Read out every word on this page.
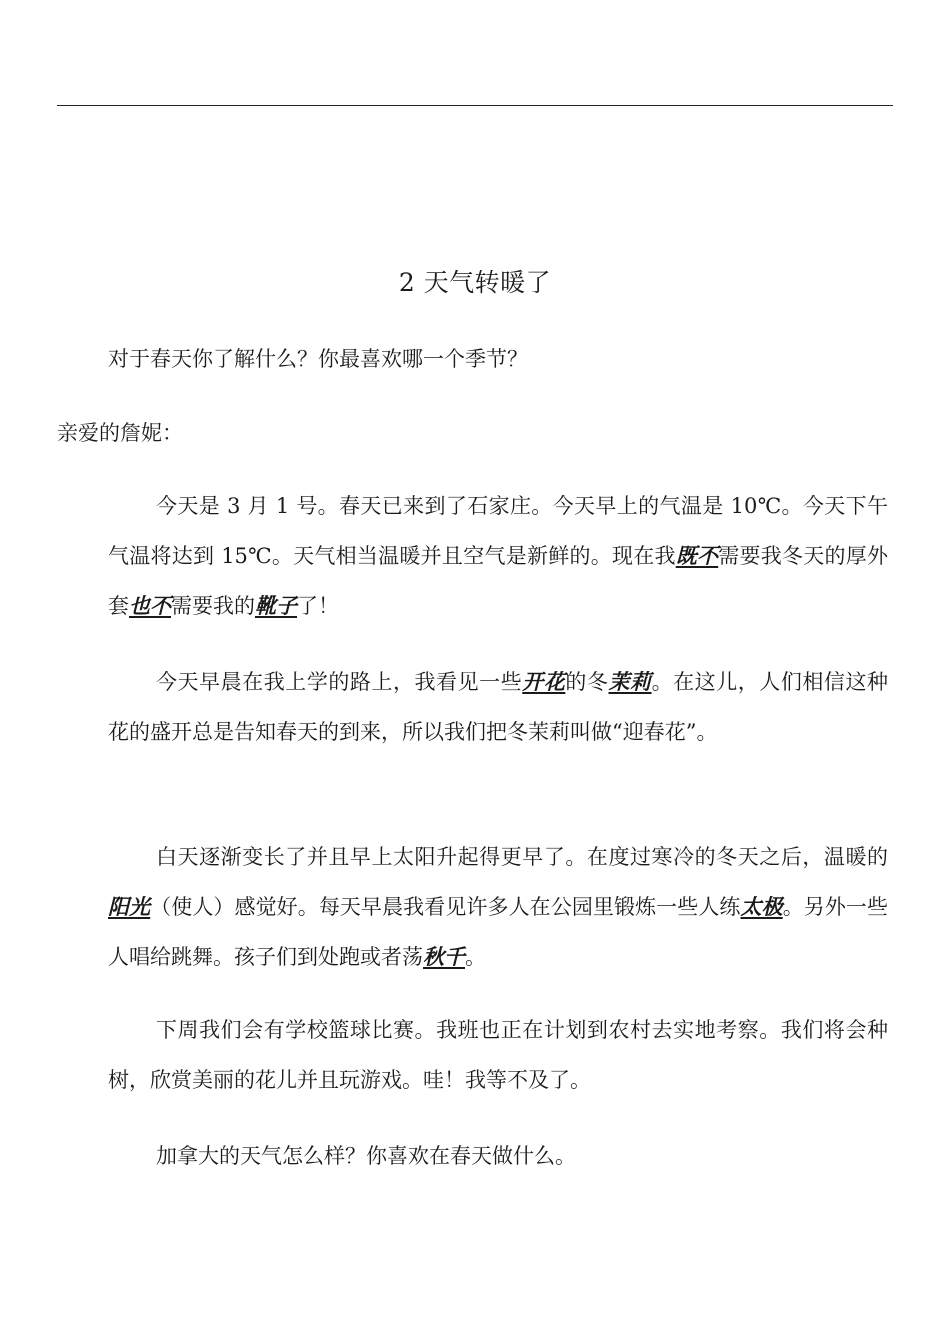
2 天气转暖了
对于春天你了解什么？你最喜欢哪一个季节？
亲爱的詹妮：
今天是 3 月 1 号。春天已来到了石家庄。今天早上的气温是 10℃。今天下午气温将达到 15℃。天气相当温暖并且空气是新鲜的。现在我既不需要我冬天的厚外套也不需要我的靴子了！
今天早晨在我上学的路上，我看见一些开花的冬茉莉。在这儿，人们相信这种花的盛开总是告知春天的到来，所以我们把冬茉莉叫做“迎春花”。
白天逐渐变长了并且早上太阳升起得更早了。在度过寒冷的冬天之后，温暖的阳光（使人）感觉好。每天早晨我看见许多人在公园里锻炼一些人练太极。另外一些人唱给跳舞。孩子们到处跑或者荡秋千。
下周我们会有学校篮球比赛。我班也正在计划到农村去实地考察。我们将会种树，欣赏美丽的花儿并且玩游戏。哇！我等不及了。
加拿大的天气怎么样？你喜欢在春天做什么。
